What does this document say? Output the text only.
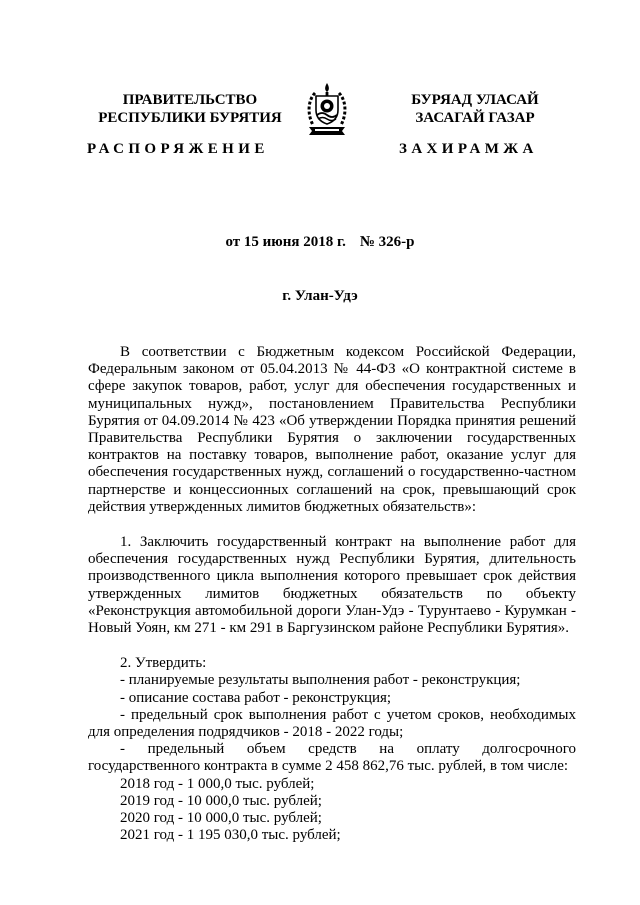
ПРАВИТЕЛЬСТВО
РЕСПУБЛИКИ БУРЯТИЯ
БУРЯАД УЛАСАЙ
ЗАСАГАЙ ГАЗАР
РАСПОРЯЖЕНИЕ	ЗАХИРАМЖА
от 15 июня 2018 г. № 326-р
г. Улан-Удэ

В соответствии с Бюджетным кодексом Российской Федерации, Федеральным законом от 05.04.2013 № 44-ФЗ «О контрактной системе в сфере закупок товаров, работ, услуг для обеспечения государственных и муниципальных нужд», постановлением Правительства Республики Бурятия от 04.09.2014 № 423 «Об утверждении Порядка принятия решений Правительства Республики Бурятия о заключении государственных контрактов на поставку товаров, выполнение работ, оказание услуг для обеспечения государственных нужд, соглашений о государственно-частном партнерстве и концессионных соглашений на срок, превышающий срок действия утвержденных лимитов бюджетных обязательств»:

1. Заключить государственный контракт на выполнение работ для обеспечения государственных нужд Республики Бурятия, длительность производственного цикла выполнения которого превышает срок действия утвержденных лимитов бюджетных обязательств по объекту «Реконструкция автомобильной дороги Улан-Удэ - Турунтаево - Курумкан - Новый Уоян, км 271 - км 291 в Баргузинском районе Республики Бурятия».

2. Утвердить:

- планируемые результаты выполнения работ - реконструкция;

- описание состава работ - реконструкция;

- предельный срок выполнения работ с учетом сроков, необходимых для определения подрядчиков - 2018 - 2022 годы;

- предельный объем средств на оплату долгосрочного государственного контракта в сумме 2 458 862,76 тыс. рублей, в том числе:

2018 год - 1 000,0 тыс. рублей;

2019 год - 10 000,0 тыс. рублей;

2020 год - 10 000,0 тыс. рублей;

2021 год - 1 195 030,0 тыс. рублей;
